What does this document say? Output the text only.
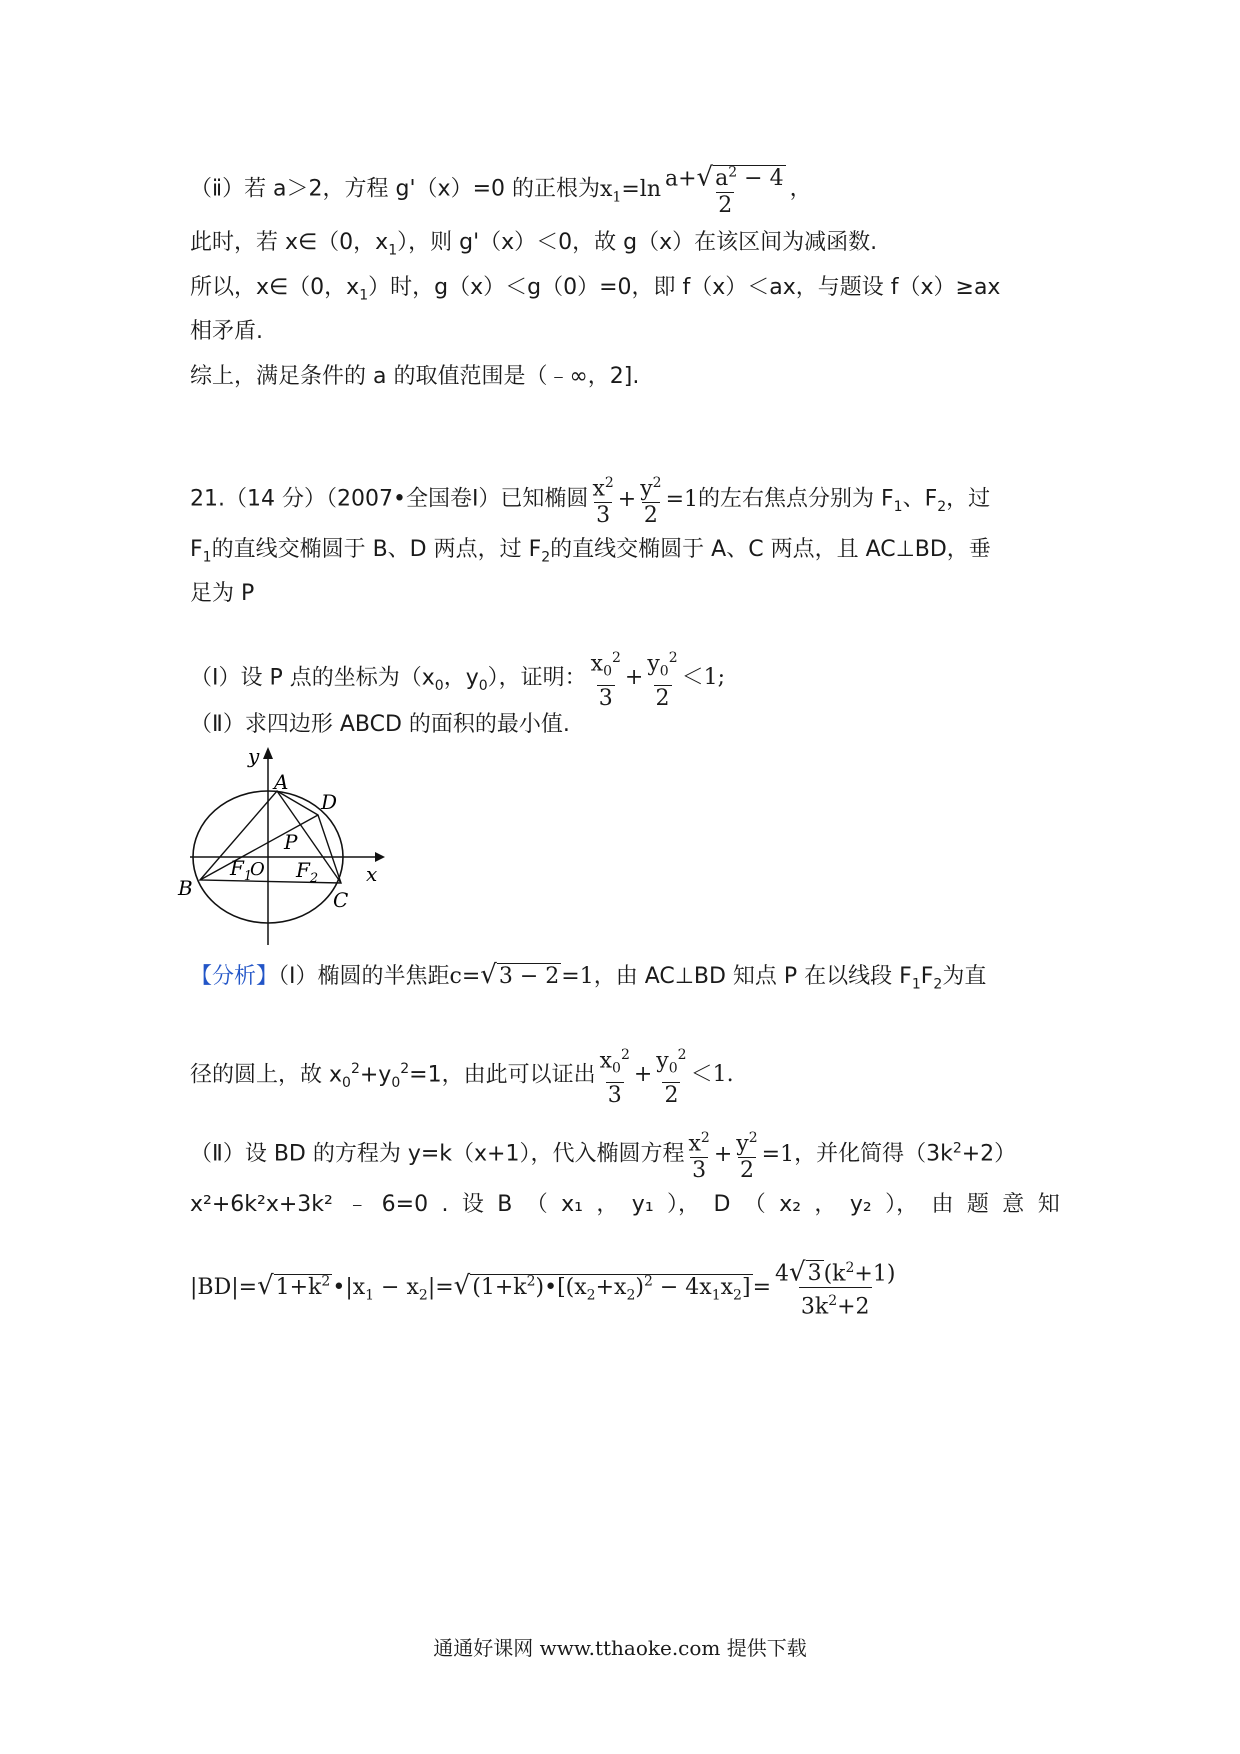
（ⅱ）若 a＞2，方程 g'（x）=0 的正根为$x_1=\ln \frac{a+√a^2 - 4}{2}$ ，
此时，若 x∈（0，$x_1$），则 g'（x）＜0，故 g（x）在该区间为减函数.
所以，x∈（0，$x_1$）时，g（x）＜g（0）=0，即 f（x）＜ax，与题设 f（x）≥ax
相矛盾.
综上，满足条件的 a 的取值范围是（﹣∞，2].
21.（14 分）（2007•全国卷Ⅰ）已知椭圆 $\frac{x^2}{3} + \frac{y^2}{2} =1$的左右焦点分别为 $F_1$、$F_2$，过
$F_1$的直线交椭圆于 B、D 两点，过 $F_2$的直线交椭圆于 A、C 两点，且 AC⊥BD，垂
足为 P
（Ⅰ）设 P 点的坐标为（$x_0$，$y_0$），证明： $\frac{x_0^2}{3} + \frac{y_0^2}{2} <1$;
（Ⅱ）求四边形 ABCD 的面积的最小值.
y
x
A
D
P
O
B	C
$F_1$ $F_2$
【分析】（Ⅰ）椭圆的半焦距c=√3 − 2=1，由 AC⊥BD 知点 P 在以线段 $F_1F_2$为直
径的圆上，故 $x_0^2+y_0^2=1$，由此可以证出 $\frac{x_0^2}{3} + \frac{y_0^2}{2} <1$.
（Ⅱ）设 BD 的方程为 y=k（x+1），代入椭圆方程 $\frac{x^2}{3} + \frac{y^2}{2} =1$，并化简得$(3k^2+2)$
x²+6k²x+3k² ﹣ 6=0 . 设 B （ x₁ ， y₁ ）， D （ x₂ ， y₂ ）， 由 题 意 知
$|BD|=√1+k^2•|x_1$ − $x_2|=√(1+k^2)•[(x_2+x_2)^2 - 4x_1x_2]= \frac{4√3(k^2+1)}{3k^2+2}$
通通好课网 www.tthaoke.com 提供下载
